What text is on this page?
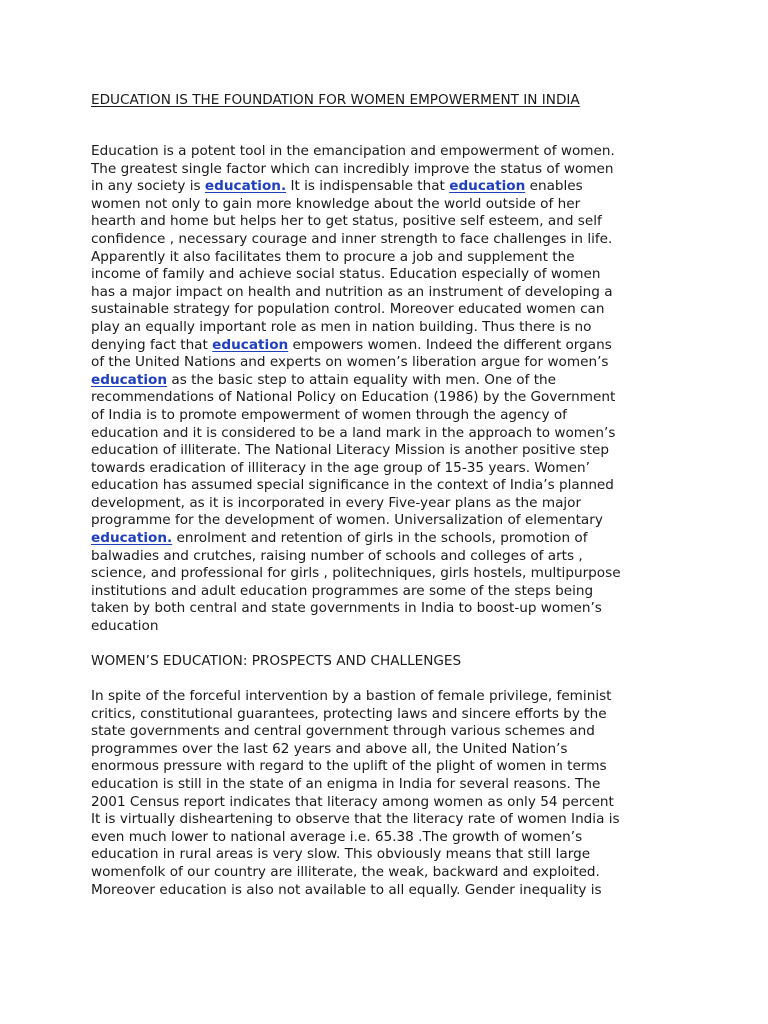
EDUCATION IS THE FOUNDATION FOR WOMEN EMPOWERMENT IN INDIA
Education is a potent tool in the emancipation and empowerment of women.
The greatest single factor which can incredibly improve the status of women
in any society is education. It is indispensable that education enables
women not only to gain more knowledge about the world outside of her
hearth and home but helps her to get status, positive self esteem, and self
confidence , necessary courage and inner strength to face challenges in life.
Apparently it also facilitates them to procure a job and supplement the
income of family and achieve social status. Education especially of women
has a major impact on health and nutrition as an instrument of developing a
sustainable strategy for population control. Moreover educated women can
play an equally important role as men in nation building. Thus there is no
denying fact that education empowers women. Indeed the different organs
of the United Nations and experts on women’s liberation argue for women’s
education as the basic step to attain equality with men. One of the
recommendations of National Policy on Education (1986) by the Government
of India is to promote empowerment of women through the agency of
education and it is considered to be a land mark in the approach to women’s
education of illiterate. The National Literacy Mission is another positive step
towards eradication of illiteracy in the age group of 15-35 years. Women’
education has assumed special significance in the context of India’s planned
development, as it is incorporated in every Five-year plans as the major
programme for the development of women. Universalization of elementary
education. enrolment and retention of girls in the schools, promotion of
balwadies and crutches, raising number of schools and colleges of arts ,
science, and professional for girls , politechniques, girls hostels, multipurpose
institutions and adult education programmes are some of the steps being
taken by both central and state governments in India to boost-up women’s
education
WOMEN’S EDUCATION: PROSPECTS AND CHALLENGES
In spite of the forceful intervention by a bastion of female privilege, feminist
critics, constitutional guarantees, protecting laws and sincere efforts by the
state governments and central government through various schemes and
programmes over the last 62 years and above all, the United Nation’s
enormous pressure with regard to the uplift of the plight of women in terms
education is still in the state of an enigma in India for several reasons. The
2001 Census report indicates that literacy among women as only 54 percent
It is virtually disheartening to observe that the literacy rate of women India is
even much lower to national average i.e. 65.38 .The growth of women’s
education in rural areas is very slow. This obviously means that still large
womenfolk of our country are illiterate, the weak, backward and exploited.
Moreover education is also not available to all equally. Gender inequality is
